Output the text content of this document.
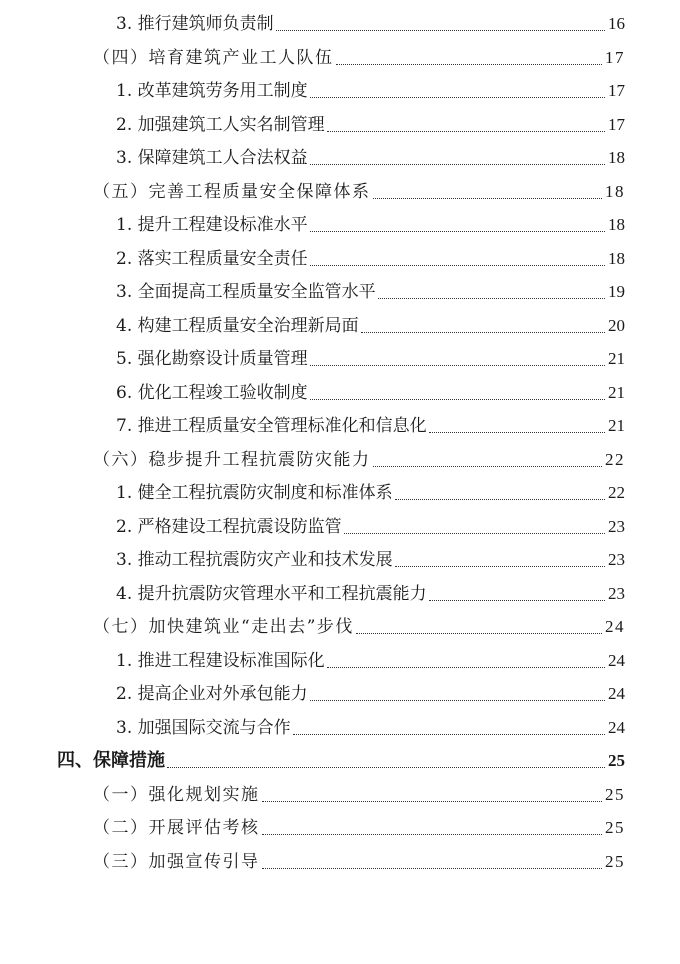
3. 推行建筑师负责制	16
（四）培育建筑产业工人队伍	17
1. 改革建筑劳务用工制度	17
2. 加强建筑工人实名制管理	17
3. 保障建筑工人合法权益	18
（五）完善工程质量安全保障体系	18
1. 提升工程建设标准水平	18
2. 落实工程质量安全责任	18
3. 全面提高工程质量安全监管水平	19
4. 构建工程质量安全治理新局面	20
5. 强化勘察设计质量管理	21
6. 优化工程竣工验收制度	21
7. 推进工程质量安全管理标准化和信息化	21
（六）稳步提升工程抗震防灾能力	22
1. 健全工程抗震防灾制度和标准体系	22
2. 严格建设工程抗震设防监管	23
3. 推动工程抗震防灾产业和技术发展	23
4. 提升抗震防灾管理水平和工程抗震能力	23
（七）加快建筑业“走出去”步伐	24
1. 推进工程建设标准国际化	24
2. 提高企业对外承包能力	24
3. 加强国际交流与合作	24
四、保障措施	25
（一）强化规划实施	25
（二）开展评估考核	25
（三）加强宣传引导	25
